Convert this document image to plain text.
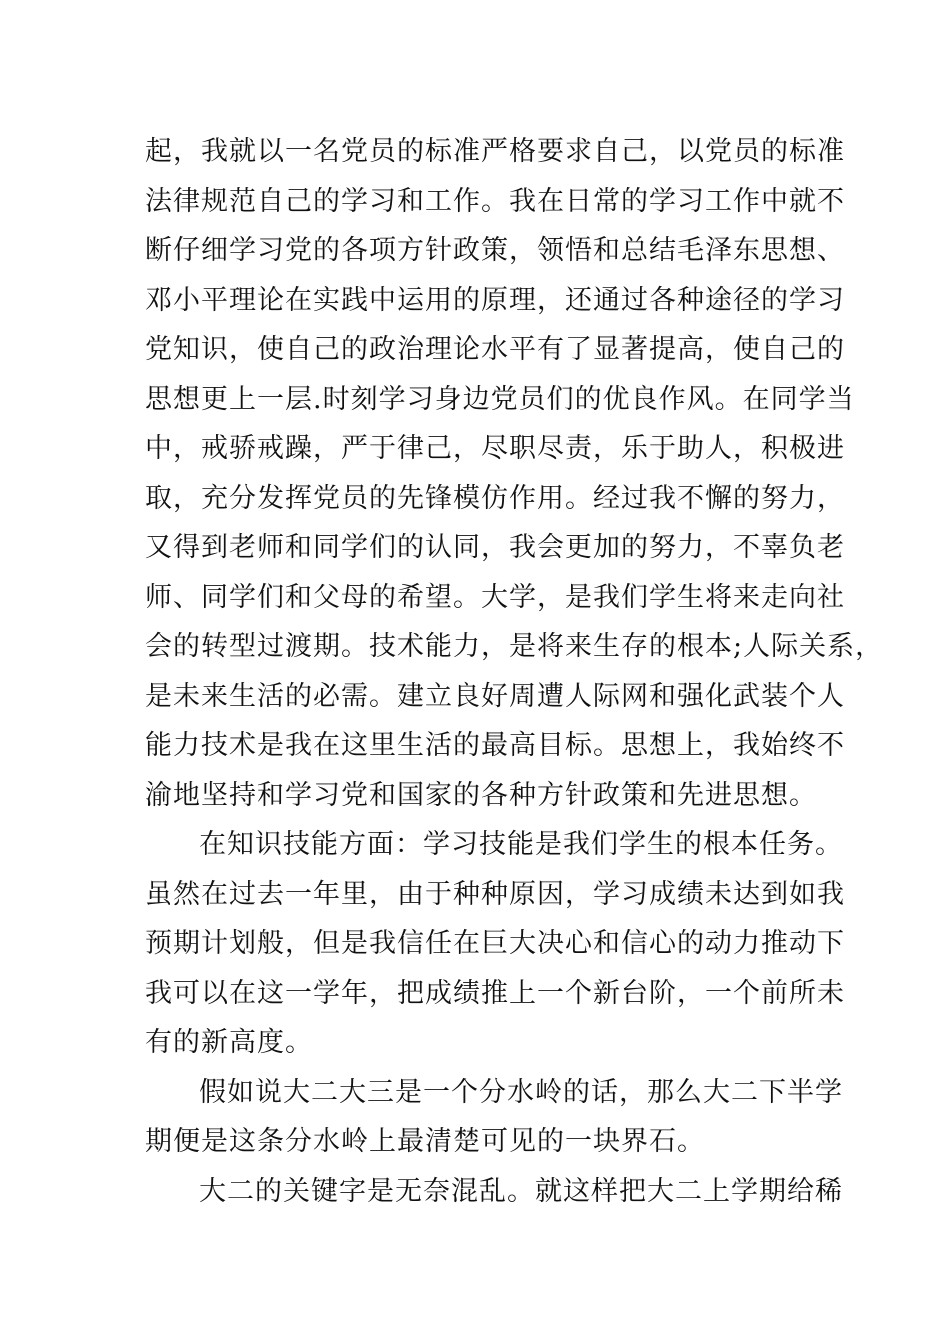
起，我就以一名党员的标准严格要求自己，以党员的标准
法律规范自己的学习和工作。我在日常的学习工作中就不
断仔细学习党的各项方针政策，领悟和总结毛泽东思想、
邓小平理论在实践中运用的原理，还通过各种途径的学习
党知识，使自己的政治理论水平有了显著提高，使自己的
思想更上一层.时刻学习身边党员们的优良作风。在同学当
中，戒骄戒躁，严于律己，尽职尽责，乐于助人，积极进
取，充分发挥党员的先锋模仿作用。经过我不懈的努力，
又得到老师和同学们的认同，我会更加的努力，不辜负老
师、同学们和父母的希望。大学，是我们学生将来走向社
会的转型过渡期。技术能力，是将来生存的根本;人际关系，
是未来生活的必需。建立良好周遭人际网和强化武装个人
能力技术是我在这里生活的最高目标。思想上，我始终不
渝地坚持和学习党和国家的各种方针政策和先进思想。
在知识技能方面：学习技能是我们学生的根本任务。
虽然在过去一年里，由于种种原因，学习成绩未达到如我
预期计划般，但是我信任在巨大决心和信心的动力推动下
我可以在这一学年，把成绩推上一个新台阶，一个前所未
有的新高度。
假如说大二大三是一个分水岭的话，那么大二下半学
期便是这条分水岭上最清楚可见的一块界石。
大二的关键字是无奈混乱。就这样把大二上学期给稀
